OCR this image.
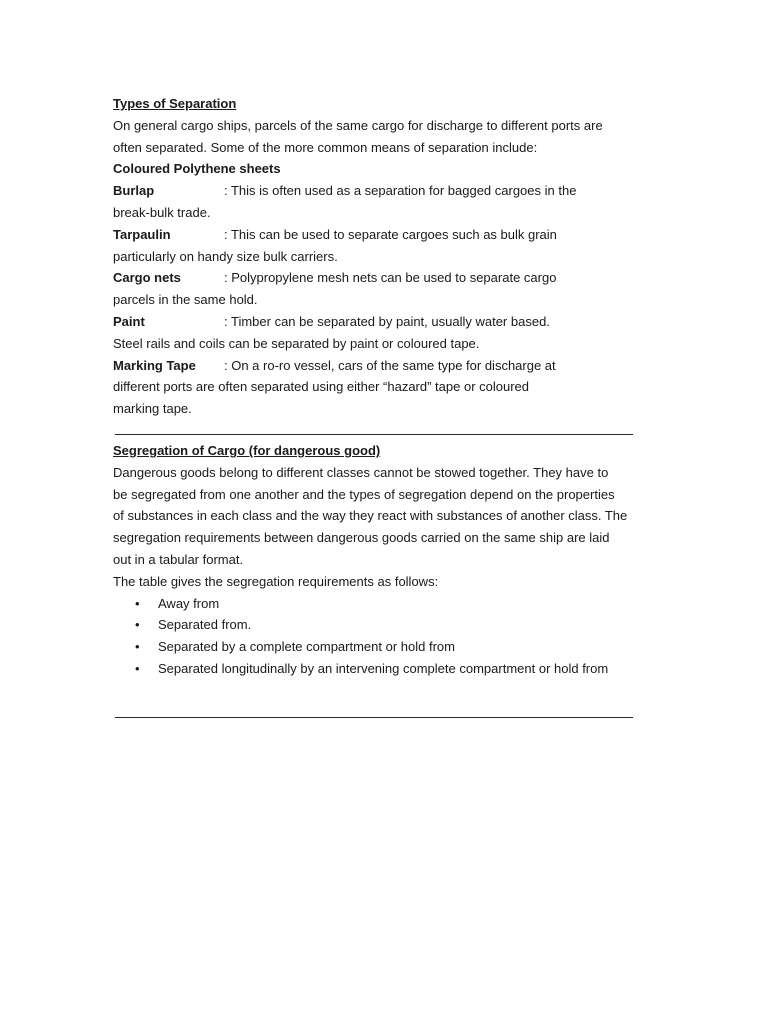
Types of Separation
On general cargo ships, parcels of the same cargo for discharge to different ports are
often separated. Some of the more common means of separation include:
Coloured Polythene sheets
Burlap	: This is often used as a separation for bagged cargoes in the
break-bulk trade.
Tarpaulin	: This can be used to separate cargoes such as bulk grain
particularly on handy size bulk carriers.
Cargo nets	: Polypropylene mesh nets can be used to separate cargo
parcels in the same hold.
Paint	: Timber can be separated by paint, usually water based.
Steel rails and coils can be separated by paint or coloured tape.
Marking Tape : On a ro-ro vessel, cars of the same type for discharge at
different ports are often separated using either “hazard” tape or coloured
marking tape.
Segregation of Cargo (for dangerous good)
Dangerous goods belong to different classes cannot be stowed together. They have to
be segregated from one another and the types of segregation depend on the properties
of substances in each class and the way they react with substances of another class. The
segregation requirements between dangerous goods carried on the same ship are laid
out in a tabular format.
The table gives the segregation requirements as follows:
• Away from
• Separated from.
• Separated by a complete compartment or hold from
• Separated longitudinally by an intervening complete compartment or hold from
